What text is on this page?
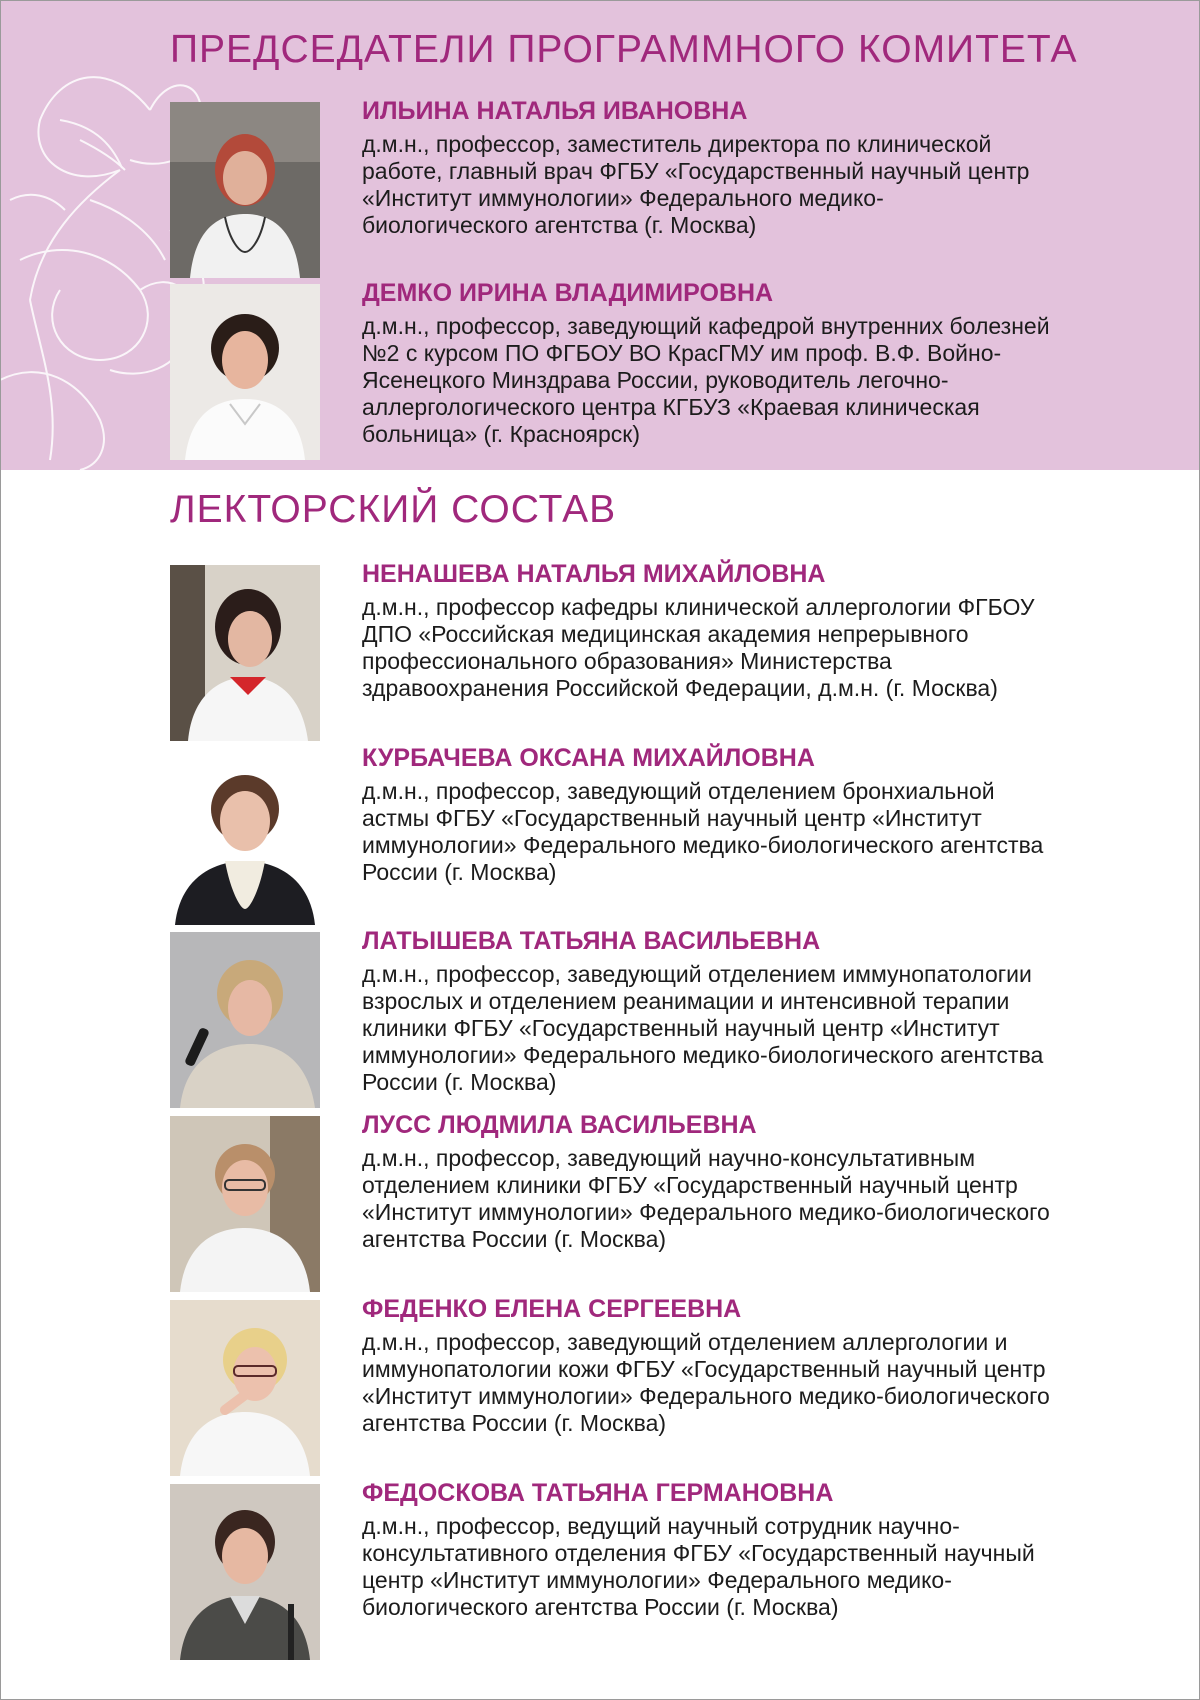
ПРЕДСЕДАТЕЛИ ПРОГРАММНОГО КОМИТЕТА
ЛЕКТОРСКИЙ СОСТАВ

ИЛЬИНА НАТАЛЬЯ ИВАНОВНА

д.м.н., профессор, заместитель директора по клинической
работе, главный врач ФГБУ «Государственный научный центр
«Институт иммунологии» Федерального медико-
биологического агентства (г. Москва)

ДЕМКО ИРИНА ВЛАДИМИРОВНА

д.м.н., профессор, заведующий кафедрой внутренних болезней
№2 с курсом ПО ФГБОУ ВО КрасГМУ им проф. В.Ф. Войно-
Ясенецкого Минздрава России, руководитель легочно-
аллергологического центра КГБУЗ «Краевая клиническая
больница» (г. Красноярск)

НЕНАШЕВА НАТАЛЬЯ МИХАЙЛОВНА

д.м.н., профессор кафедры клинической аллергологии ФГБОУ
ДПО «Российская медицинская академия непрерывного
профессионального образования» Министерства
здравоохранения Российской Федерации, д.м.н. (г. Москва)

КУРБАЧЕВА ОКСАНА МИХАЙЛОВНА

д.м.н., профессор, заведующий отделением бронхиальной
астмы ФГБУ «Государственный научный центр «Институт
иммунологии» Федерального медико-биологического агентства
России (г. Москва)

ЛАТЫШЕВА ТАТЬЯНА ВАСИЛЬЕВНА

д.м.н., профессор, заведующий отделением иммунопатологии
взрослых и отделением реанимации и интенсивной терапии
клиники ФГБУ «Государственный научный центр «Институт
иммунологии» Федерального медико-биологического агентства
России (г. Москва)

ЛУСС ЛЮДМИЛА ВАСИЛЬЕВНА

д.м.н., профессор, заведующий научно-консультативным
отделением клиники ФГБУ «Государственный научный центр
«Институт иммунологии» Федерального медико-биологического
агентства России (г. Москва)

ФЕДЕНКО ЕЛЕНА СЕРГЕЕВНА

д.м.н., профессор, заведующий отделением аллергологии и
иммунопатологии кожи ФГБУ «Государственный научный центр
«Институт иммунологии» Федерального медико-биологического
агентства России (г. Москва)

ФЕДОСКОВА ТАТЬЯНА ГЕРМАНОВНА

д.м.н., профессор, ведущий научный сотрудник научно-
консультативного отделения ФГБУ «Государственный научный
центр «Институт иммунологии» Федерального медико-
биологического агентства России (г. Москва)
